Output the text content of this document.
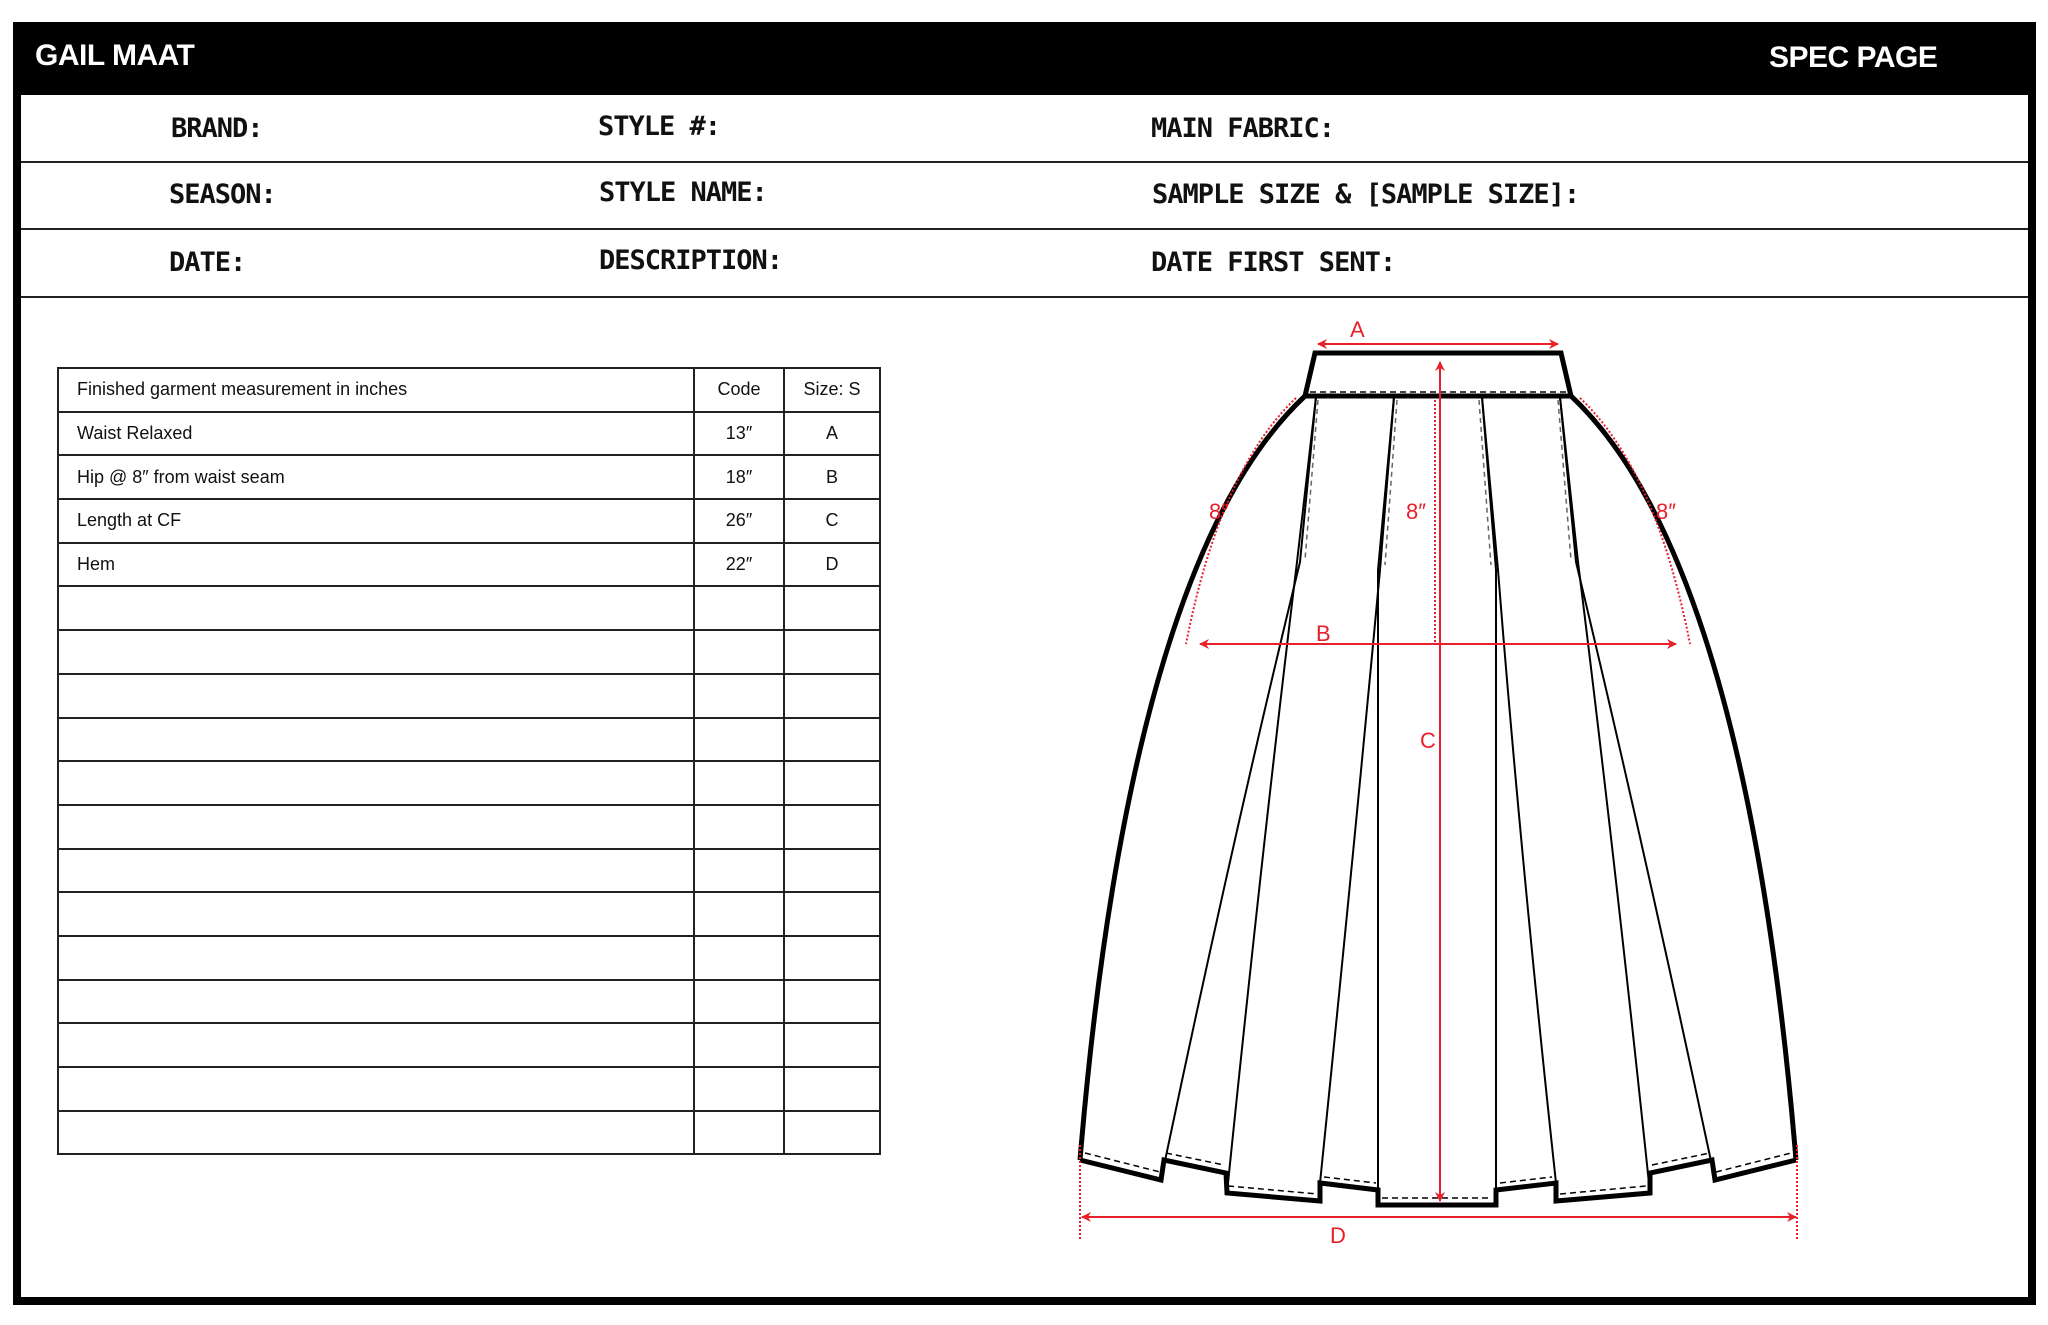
GAIL MAAT	SPEC PAGE
BRAND:	STYLE #:	MAIN FABRIC:
SEASON:	STYLE NAME:	SAMPLE SIZE & [SAMPLE SIZE]:
DATE:	DESCRIPTION:	DATE FIRST SENT:
Finished garment measurement in inches	Code	Size: S
Waist Relaxed	13″	A
Hip @ 8″ from waist seam	18″	B
Length at CF	26″	C
Hem	22″	D

A
B
C
D
8″	8″	8″
